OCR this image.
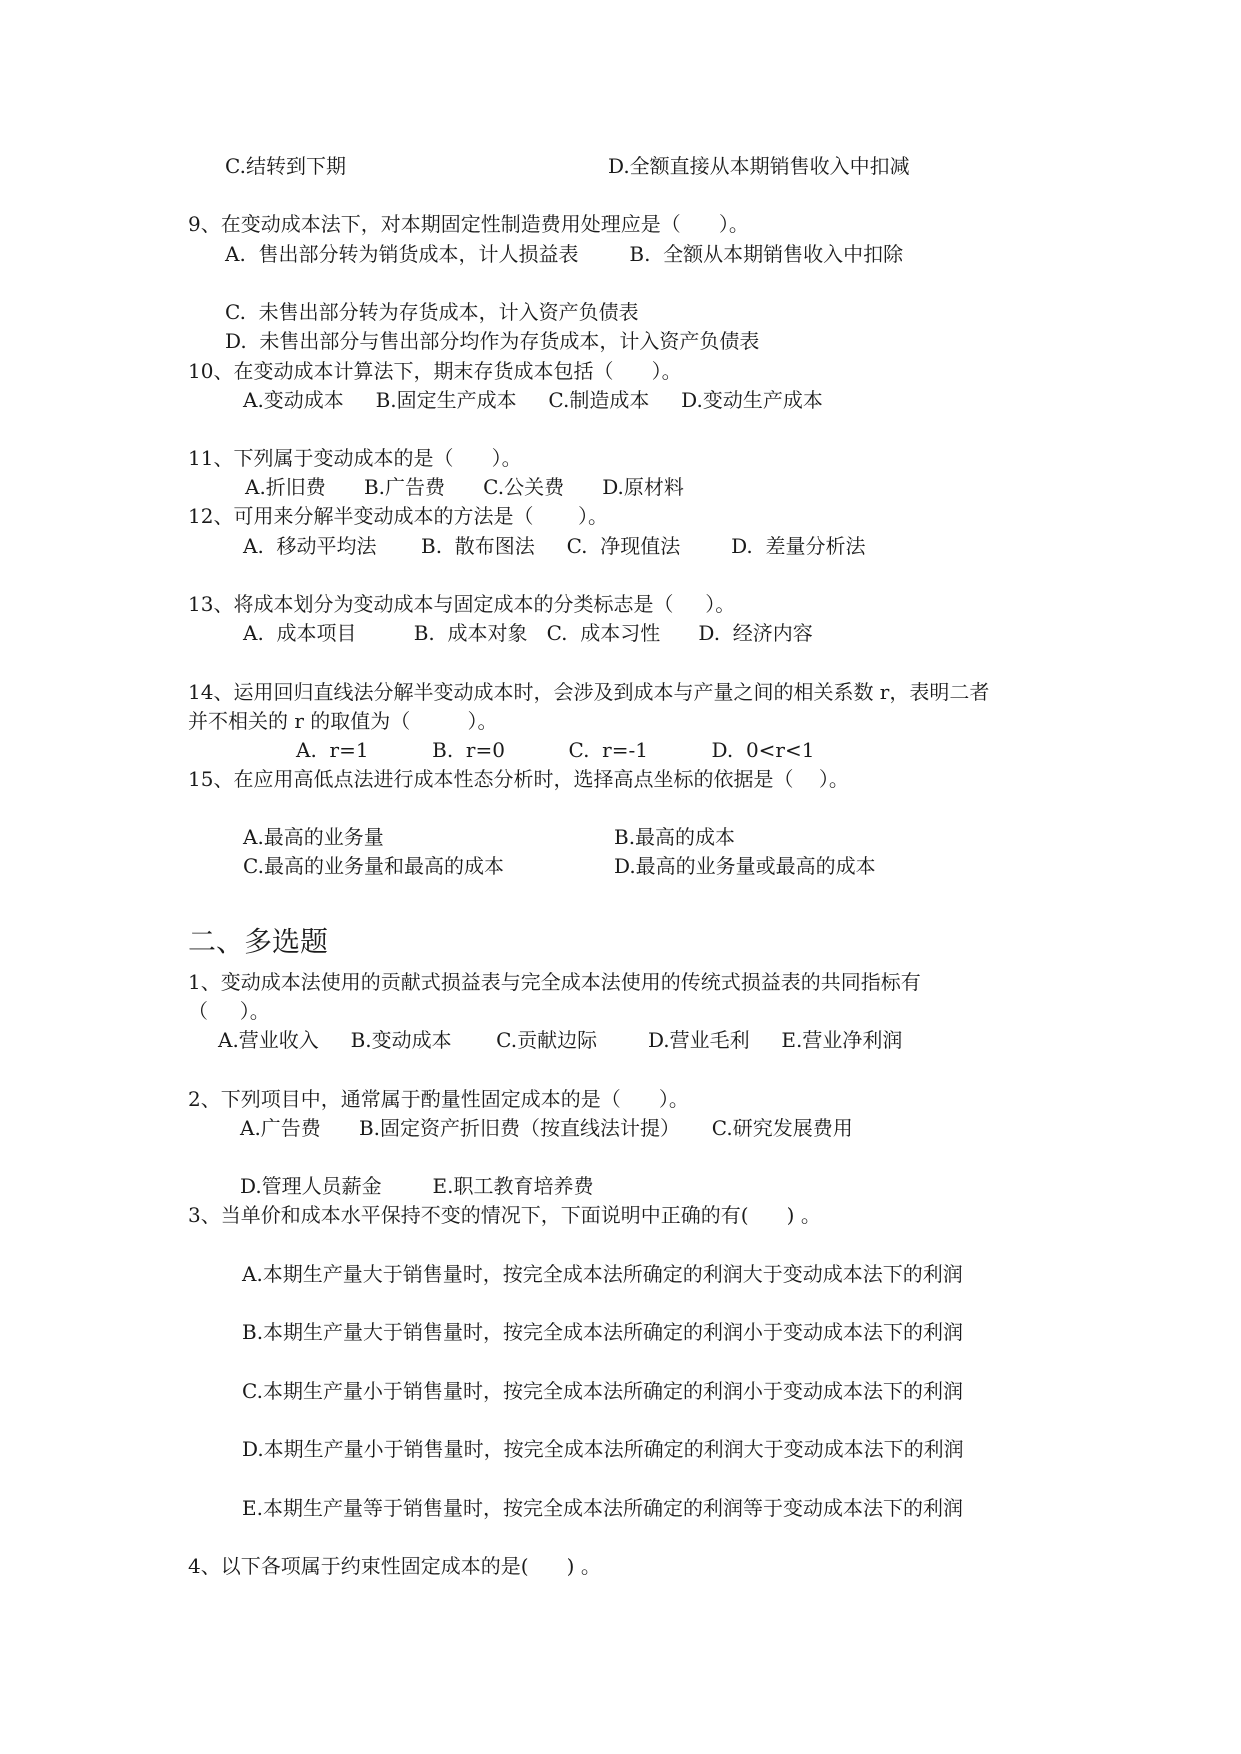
C.结转到下期	D.全额直接从本期销售收入中扣减
9、在变动成本法下，对本期固定性制造费用处理应是（      ）。
A.  售出部分转为销货成本，计人损益表        B.  全额从本期销售收入中扣除
C.  未售出部分转为存货成本，计入资产负债表
D.  未售出部分与售出部分均作为存货成本，计入资产负债表
10、在变动成本计算法下，期末存货成本包括（      ）。
A.变动成本     B.固定生产成本     C.制造成本     D.变动生产成本
11、下列属于变动成本的是（      ）。
A.折旧费      B.广告费      C.公关费      D.原材料
12、可用来分解半变动成本的方法是（       ）。
A.  移动平均法       B.  散布图法     C.  净现值法        D.  差量分析法
13、将成本划分为变动成本与固定成本的分类标志是（     ）。
A.  成本项目         B.  成本对象   C.  成本习性      D.  经济内容
14、运用回归直线法分解半变动成本时，会涉及到成本与产量之间的相关系数 r，表明二者
并不相关的 r 的取值为（         ）。
A.  r=1          B.  r=0          C.  r=-1          D.  0<r<1
15、在应用高低点法进行成本性态分析时，选择高点坐标的依据是（    ）。
A.最高的业务量	B.最高的成本
C.最高的业务量和最高的成本	D.最高的业务量或最高的成本
1、变动成本法使用的贡献式损益表与完全成本法使用的传统式损益表的共同指标有
（     ）。
A.营业收入     B.变动成本       C.贡献边际        D.营业毛利     E.营业净利润
2、下列项目中，通常属于酌量性固定成本的是（      ）。
A.广告费      B.固定资产折旧费（按直线法计提）     C.研究发展费用
D.管理人员薪金        E.职工教育培养费
3、当单价和成本水平保持不变的情况下，下面说明中正确的有(      ) 。
A.本期生产量大于销售量时，按完全成本法所确定的利润大于变动成本法下的利润
B.本期生产量大于销售量时，按完全成本法所确定的利润小于变动成本法下的利润
C.本期生产量小于销售量时，按完全成本法所确定的利润小于变动成本法下的利润
D.本期生产量小于销售量时，按完全成本法所确定的利润大于变动成本法下的利润
E.本期生产量等于销售量时，按完全成本法所确定的利润等于变动成本法下的利润
4、以下各项属于约束性固定成本的是(      ) 。
二、多选题
